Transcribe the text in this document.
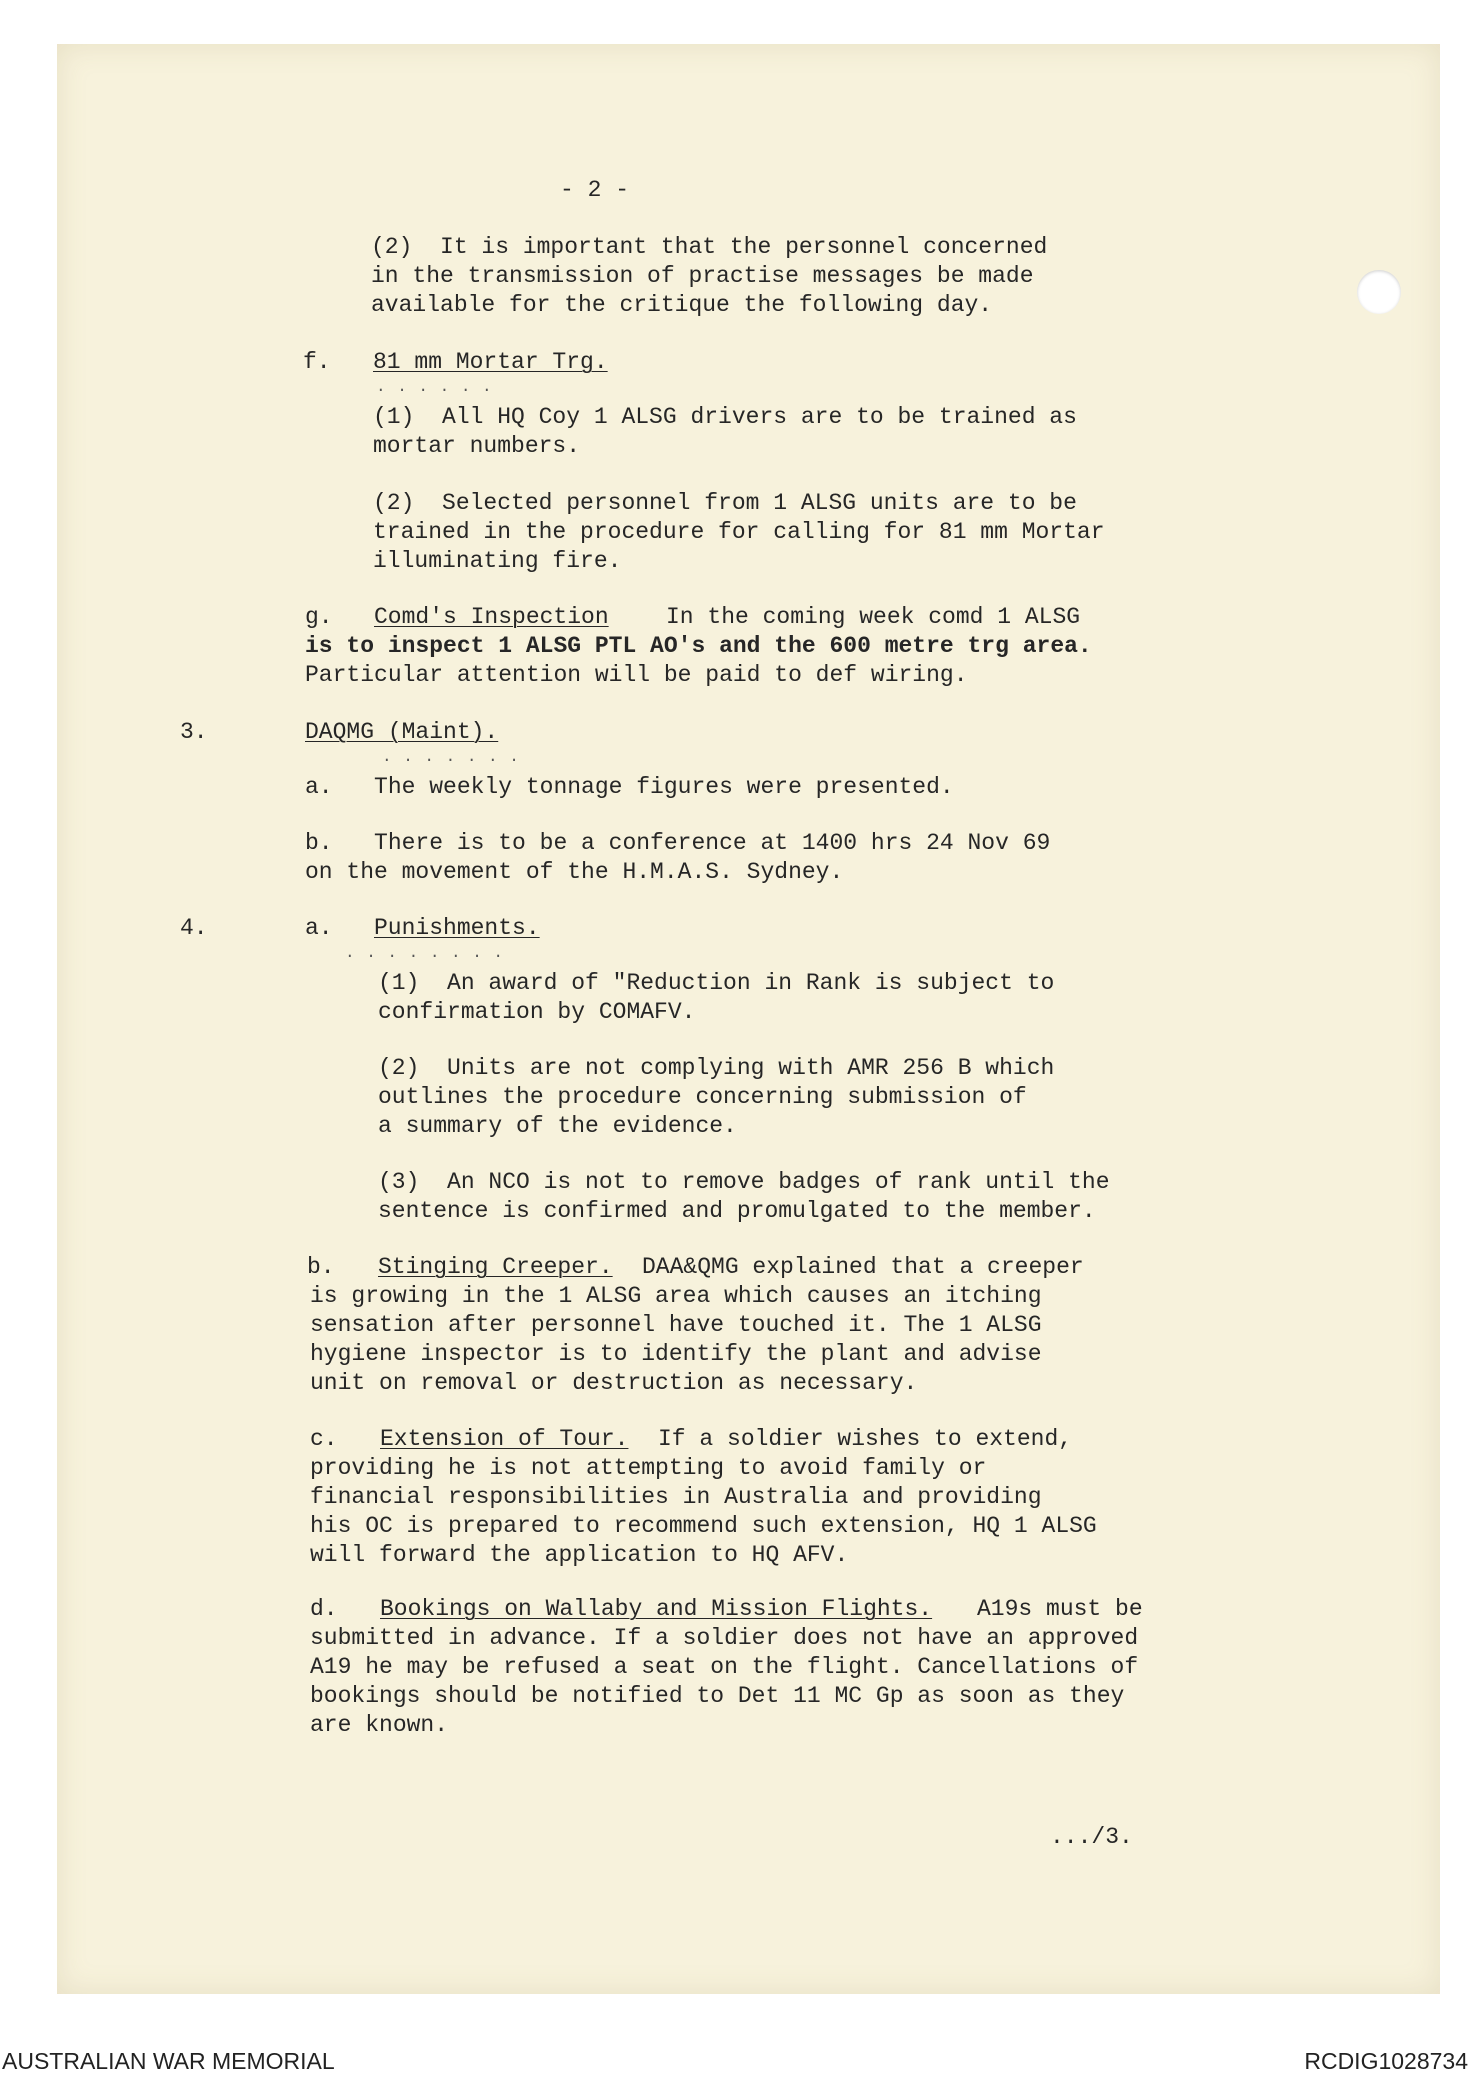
- 2 -
(2)  It is important that the personnel concerned
in the transmission of practise messages be made
available for the critique the following day.
f. 81 mm Mortar Trg.
. . . . . .
(1)  All HQ Coy 1 ALSG drivers are to be trained as
mortar numbers.
(2)  Selected personnel from 1 ALSG units are to be
trained in the procedure for calling for 81 mm Mortar
illuminating fire.
g. Comd's Inspection In the coming week comd 1 ALSG
is to inspect 1 ALSG PTL AO's and the 600 metre trg area.
Particular attention will be paid to def wiring.
3.	DAQMG (Maint).
. . . . . . .
a.   The weekly tonnage figures were presented.
b.   There is to be a conference at 1400 hrs 24 Nov 69
on the movement of the H.M.A.S. Sydney.
4.	a. Punishments.
. . . . . . . .
(1)  An award of "Reduction in Rank is subject to
confirmation by COMAFV.
(2)  Units are not complying with AMR 256 B which
outlines the procedure concerning submission of
a summary of the evidence.
(3)  An NCO is not to remove badges of rank until the
sentence is confirmed and promulgated to the member.
b. Stinging Creeper. DAA&QMG explained that a creeper
is growing in the 1 ALSG area which causes an itching
sensation after personnel have touched it. The 1 ALSG
hygiene inspector is to identify the plant and advise
unit on removal or destruction as necessary.
c. Extension of Tour. If a soldier wishes to extend,
providing he is not attempting to avoid family or
financial responsibilities in Australia and providing
his OC is prepared to recommend such extension, HQ 1 ALSG
will forward the application to HQ AFV.
d. Bookings on Wallaby and Mission Flights. A19s must be
submitted in advance. If a soldier does not have an approved
A19 he may be refused a seat on the flight. Cancellations of
bookings should be notified to Det 11 MC Gp as soon as they
are known.
.../3.
AUSTRALIAN WAR MEMORIAL	RCDIG1028734
